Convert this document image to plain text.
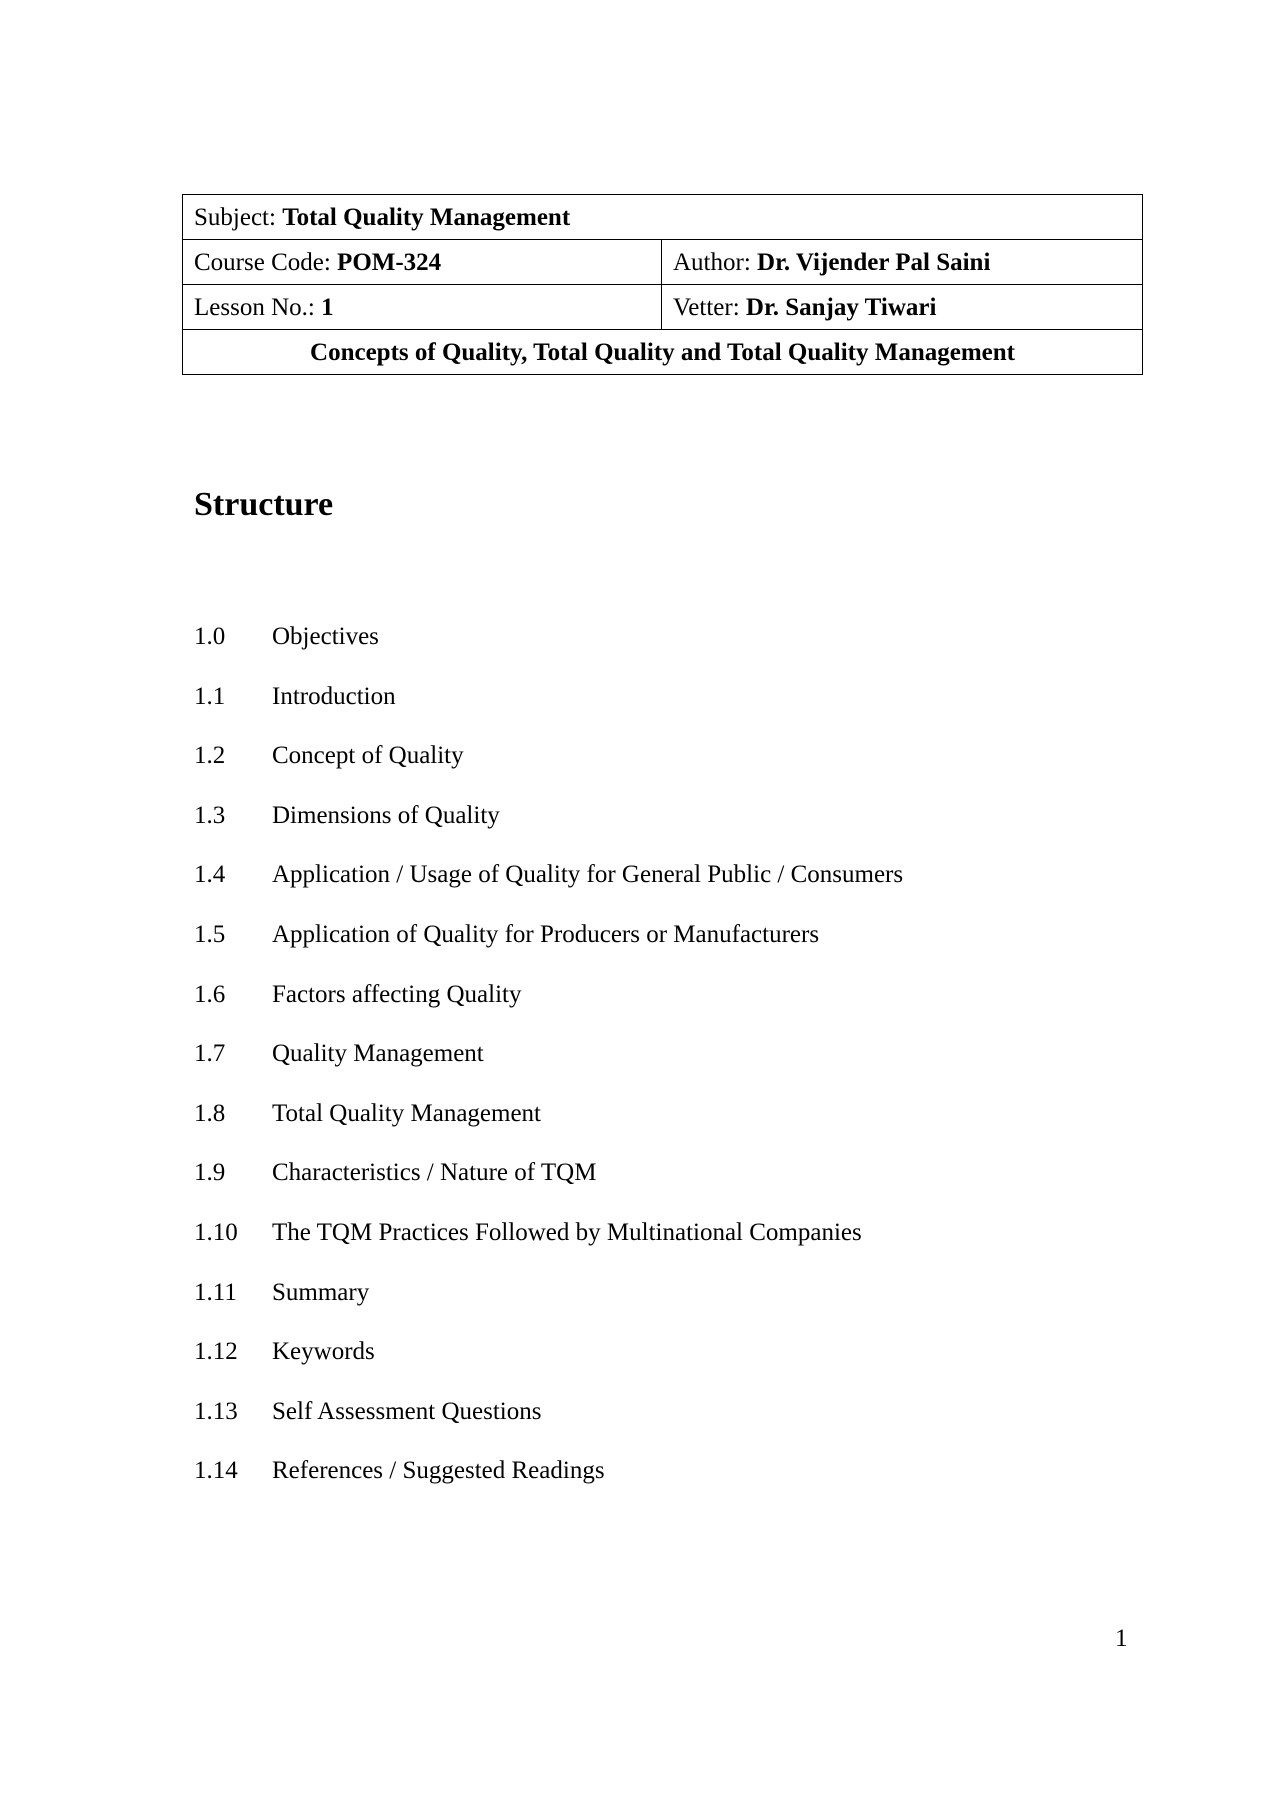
Subject: Total Quality Management	
Course Code: POM-324	Author: Dr. Vijender Pal Saini
Lesson No.: 1	Vetter: Dr. Sanjay Tiwari
Concepts of Quality, Total Quality and Total Quality Management	
Structure
1.0	Objectives
1.1	Introduction
1.2	Concept of Quality
1.3	Dimensions of Quality
1.4	Application / Usage of Quality for General Public / Consumers
1.5	Application of Quality for Producers or Manufacturers
1.6	Factors affecting Quality
1.7	Quality Management
1.8	Total Quality Management
1.9	Characteristics / Nature of TQM
1.10	The TQM Practices Followed by Multinational Companies
1.11	Summary
1.12	Keywords
1.13	Self Assessment Questions
1.14	References / Suggested Readings
1
